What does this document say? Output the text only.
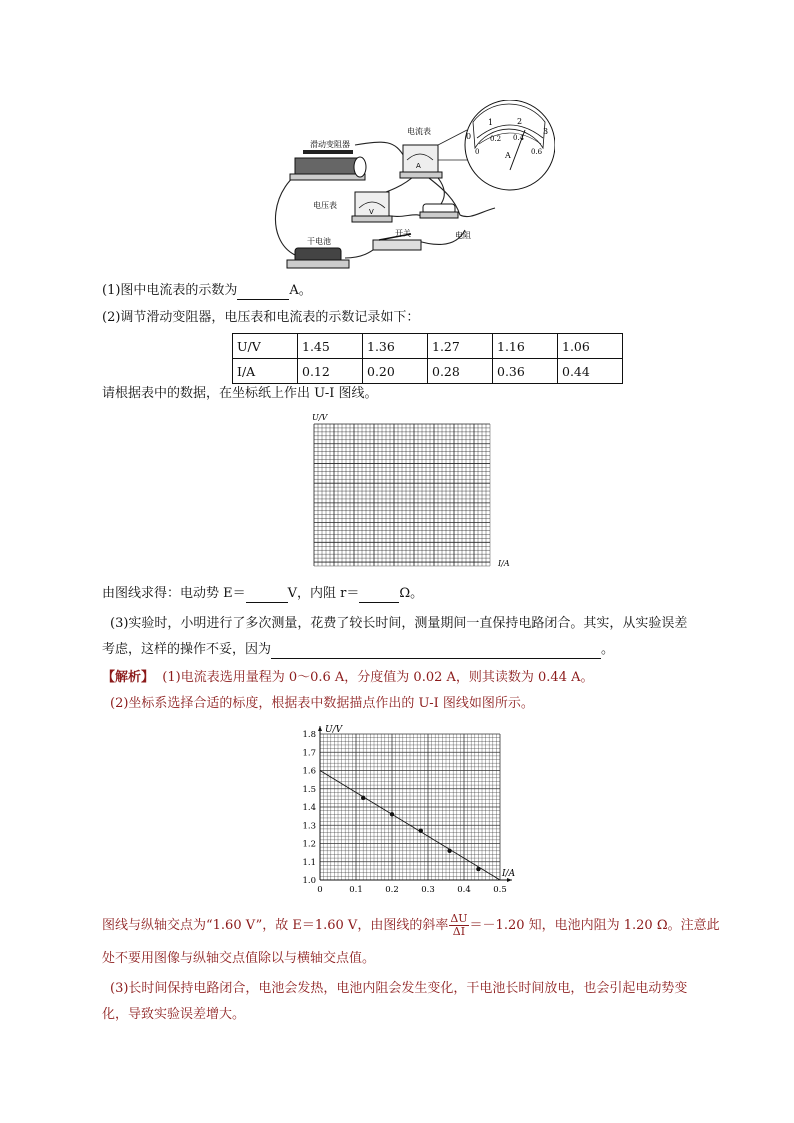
滑动变阻器
A
电流表
0
1	2
3
0
0.2 0.4
0.6
A
V
电压表
电阻
开关
干电池
(1)图中电流表的示数为	A。
(2)调节滑动变阻器，电压表和电流表的示数记录如下：
U/V	1.45	1.36	1.27	1.16	1.06
I/A	0.12	0.20	0.28	0.36	0.44
请根据表中的数据，在坐标纸上作出 U-I 图线。
U/V
I/A
由图线求得：电动势 E＝	V，内阻 r＝	Ω。
(3)实验时，小明进行了多次测量，花费了较长时间，测量期间一直保持电路闭合。其实，从实验误差
考虑，这样的操作不妥，因为	。
【解析】 (1)电流表选用量程为 0～0.6 A，分度值为 0.02 A，则其读数为 0.44 A。
(2)坐标系选择合适的标度，根据表中数据描点作出的 U-I 图线如图所示。
0	0.1	0.2	0.3	0.4	0.5
1.0
1.1
1.2
1.3
1.4
1.5
1.6
1.7
1.8
I/A
U/V
图线与纵轴交点为“1.60 V”，故 E＝1.60 V，由图线的斜率 $\frac{\Delta U}{\Delta I} =-1.20$ 知，电池内阻为 1.20 Ω。注意此
处不要用图像与纵轴交点值除以与横轴交点值。
(3)长时间保持电路闭合，电池会发热，电池内阻会发生变化，干电池长时间放电，也会引起电动势变
化，导致实验误差增大。
